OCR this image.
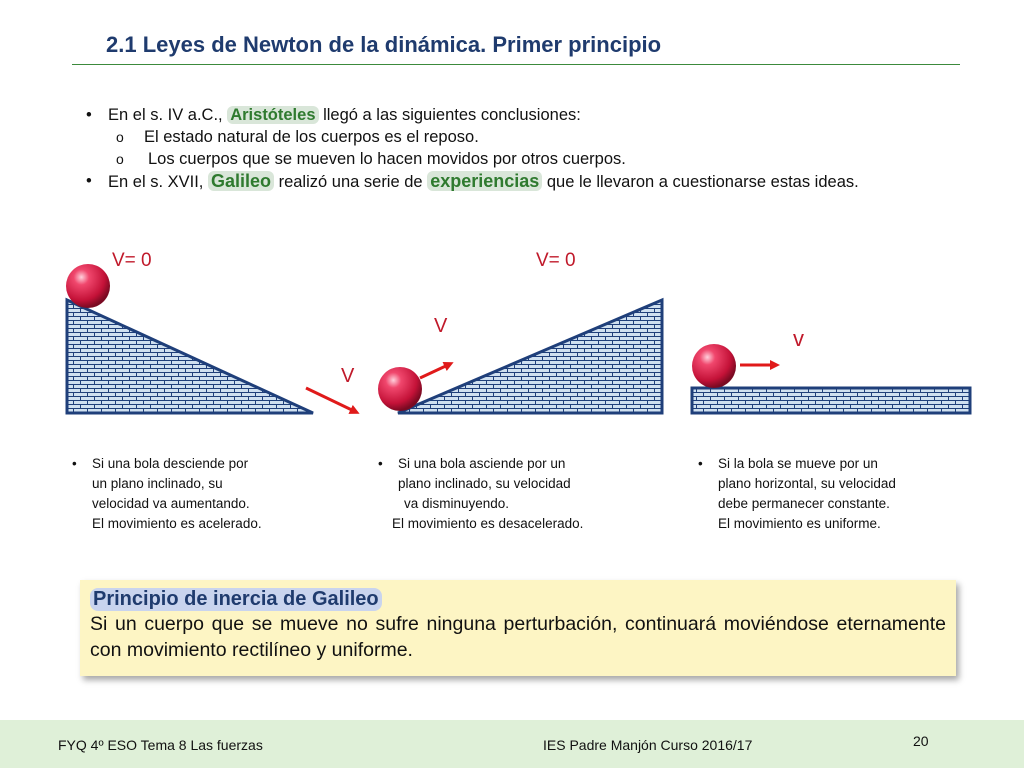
2.1 Leyes de Newton de la dinámica. Primer principio
• En el s. IV a.C., Aristóteles llegó a las siguientes conclusiones:
o El estado natural de los cuerpos es el reposo.
o Los cuerpos que se mueven lo hacen movidos por otros cuerpos.
• En el s. XVII, Galileo realizó una serie de experiencias que le llevaron a cuestionarse estas ideas.
V= 0
V
V
V= 0
v
•	Si una bola desciende por
un plano inclinado, su
velocidad va aumentando.
El movimiento es acelerado.
•	Si una bola asciende por un
plano inclinado, su velocidad
va disminuyendo.
El movimiento es desacelerado.
•	Si la bola se mueve por un
plano horizontal, su velocidad
debe permanecer constante.
El movimiento es uniforme.
Principio de inercia de Galileo
Si un cuerpo que se mueve no sufre ninguna perturbación, continuará moviéndose eternamente con movimiento rectilíneo y uniforme.
FYQ 4º ESO Tema 8 Las fuerzas	IES Padre Manjón Curso 2016/17	20
